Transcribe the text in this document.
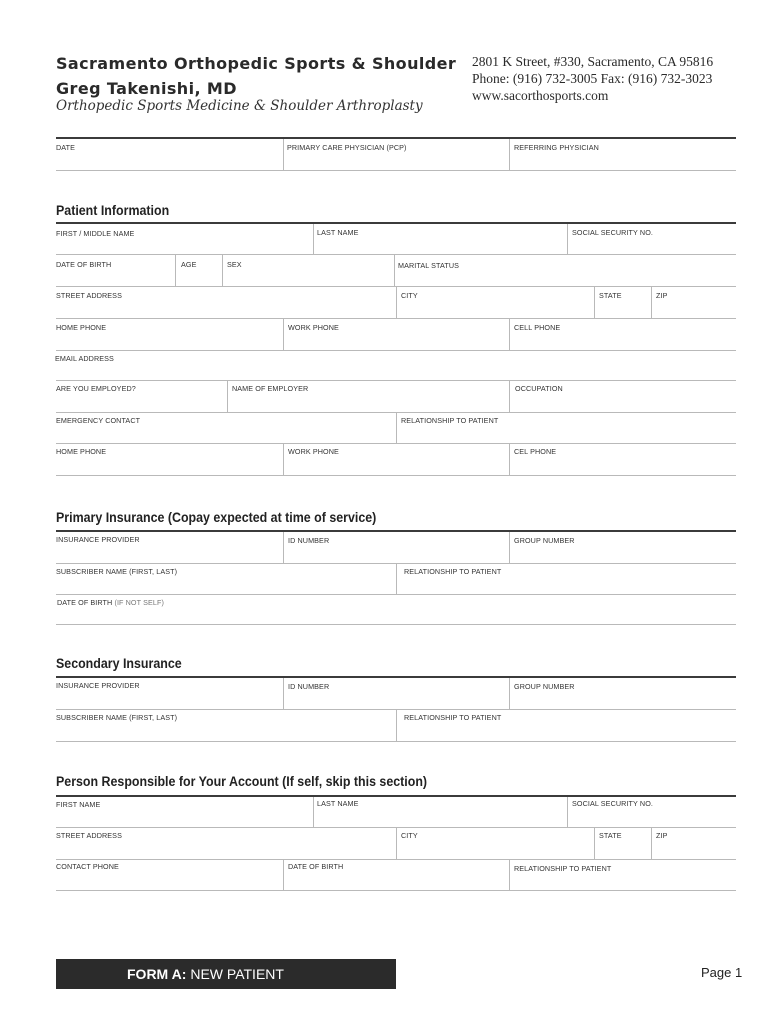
Sacramento Orthopedic Sports & Shoulder
Greg Takenishi, MD
Orthopedic Sports Medicine & Shoulder Arthroplasty
2801 K Street, #330, Sacramento, CA 95816
Phone: (916) 732-3005 Fax: (916) 732-3023
www.sacorthosports.com
DATE	PRIMARY CARE PHYSICIAN (PCP)	REFERRING PHYSICIAN
Patient Information
FIRST / MIDDLE NAME	LAST NAME	SOCIAL SECURITY NO.
DATE OF BIRTH	AGE	SEX	MARITAL STATUS
STREET ADDRESS	CITY	STATE	ZIP
HOME PHONE	WORK PHONE	CELL PHONE
EMAIL ADDRESS
ARE YOU EMPLOYED?	NAME OF EMPLOYER	OCCUPATION
EMERGENCY CONTACT	RELATIONSHIP TO PATIENT
HOME PHONE	WORK PHONE	CEL PHONE
Primary Insurance (Copay expected at time of service)
INSURANCE PROVIDER	ID NUMBER	GROUP NUMBER
SUBSCRIBER NAME (FIRST, LAST)	RELATIONSHIP TO PATIENT
DATE OF BIRTH (IF NOT SELF)
Secondary Insurance
INSURANCE PROVIDER	ID NUMBER	GROUP NUMBER
SUBSCRIBER NAME (FIRST, LAST)	RELATIONSHIP TO PATIENT
Person Responsible for Your Account (If self, skip this section)
FIRST NAME	LAST NAME	SOCIAL SECURITY NO.
STREET ADDRESS	CITY	STATE	ZIP
CONTACT PHONE	DATE OF BIRTH	RELATIONSHIP TO PATIENT
FORM A: NEW PATIENT	Page 1
